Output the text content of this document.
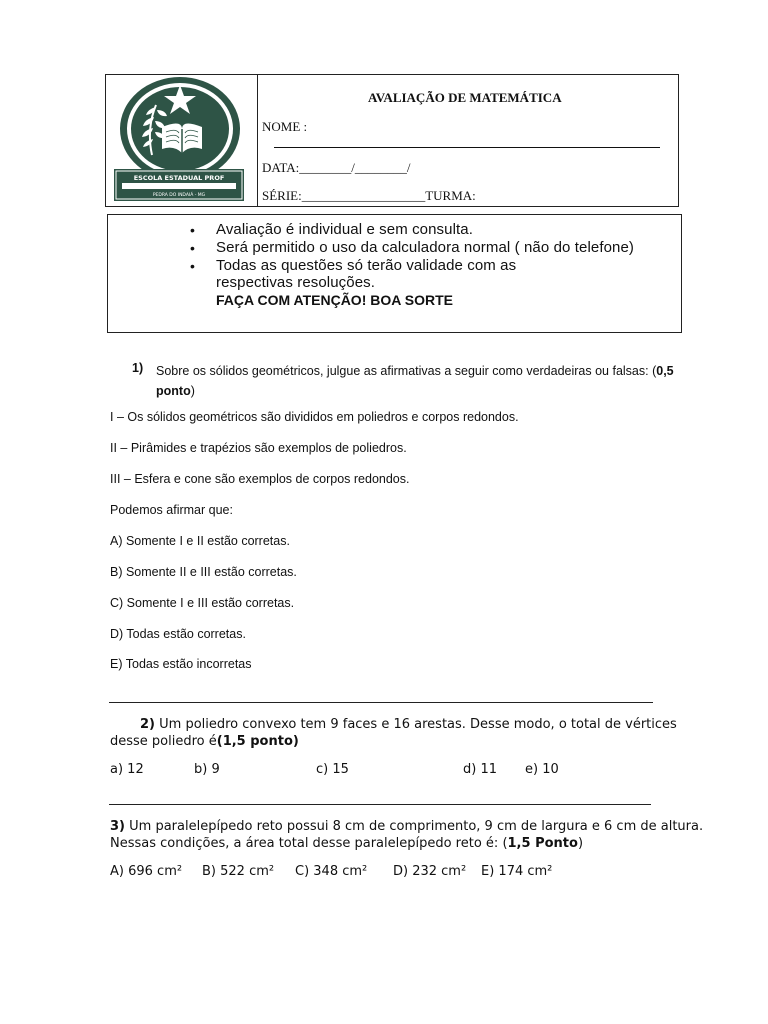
ESCOLA ESTADUAL PROF
PEDRA DO INDAIÁ - MG
AVALIAÇÃO DE MATEMÁTICA
NOME :
DATA:________/________/
SÉRIE:___________________TURMA:
• Avaliação é individual e sem consulta.
• Será permitido o uso da calculadora normal ( não do telefone)
• Todas as questões só terão validade com as
respectivas resoluções.
FAÇA COM ATENÇÃO! BOA SORTE
1) Sobre os sólidos geométricos, julgue as afirmativas a seguir como verdadeiras ou falsas: (0,5 ponto)
I – Os sólidos geométricos são divididos em poliedros e corpos redondos.
II – Pirâmides e trapézios são exemplos de poliedros.
III – Esfera e cone são exemplos de corpos redondos.
Podemos afirmar que:
A) Somente I e II estão corretas.
B) Somente II e III estão corretas.
C) Somente I e III estão corretas.
D) Todas estão corretas.
E) Todas estão incorretas
2) Um poliedro convexo tem 9 faces e 16 arestas. Desse modo, o total de vértices desse poliedro é(1,5 ponto)
a) 12	b) 9	c) 15	d) 11 e) 10
3) Um paralelepípedo reto possui 8 cm de comprimento, 9 cm de largura e 6 cm de altura. Nessas condições, a área total desse paralelepípedo reto é: (1,5 Ponto)
A) 696 cm² B) 522 cm² C) 348 cm² D) 232 cm² E) 174 cm²
